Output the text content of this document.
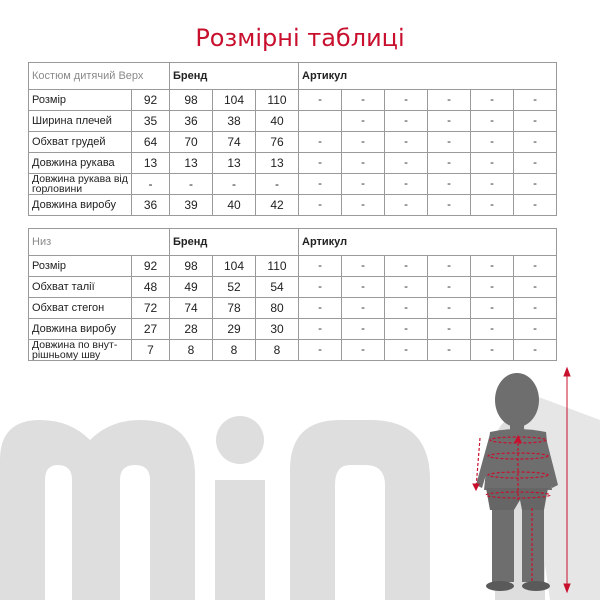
Розмірні таблиці
Костюм дитячий Верх		Бренд			Артикул					
Розмір	92	98	104	110	-	-	-	-	-	-
Ширина плечей	35	36	38	40		-	-	-	-	-
Обхват грудей	64	70	74	76	-	-	-	-	-	-
Довжина рукава	13	13	13	13	-	-	-	-	-	-
Довжина рукава від горловини	-	-	-	-	-	-	-	-	-	-
Довжина виробу	36	39	40	42	-	-	-	-	-	-
Низ		Бренд			Артикул					
Розмір	92	98	104	110	-	-	-	-	-	-
Обхват талії	48	49	52	54	-	-	-	-	-	-
Обхват стегон	72	74	78	80	-	-	-	-	-	-
Довжина виробу	27	28	29	30	-	-	-	-	-	-
Довжина по внут-рішньому шву	7	8	8	8	-	-	-	-	-	-
